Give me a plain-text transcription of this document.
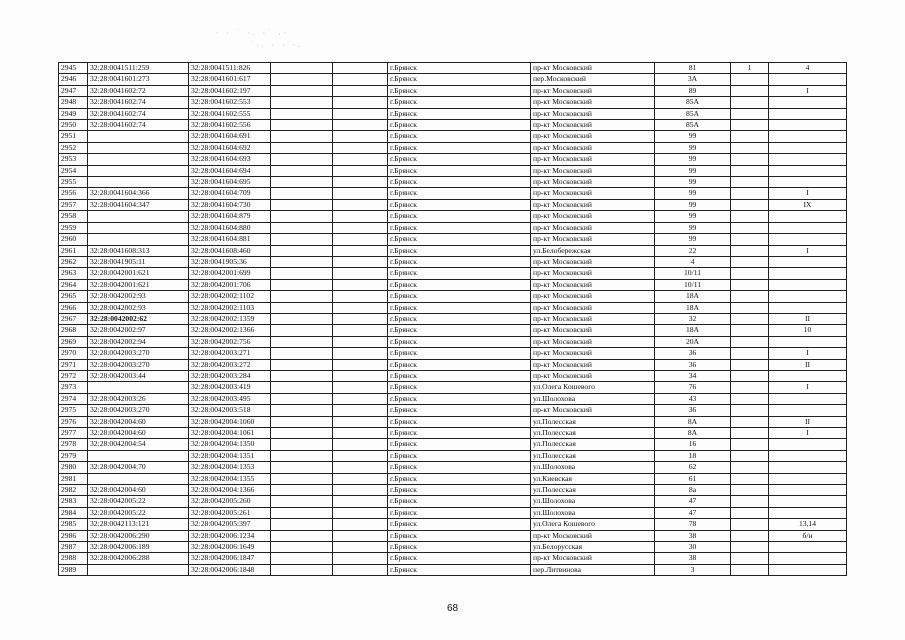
· · ˙ ·. ·˙ .·
˙·. · ·˙·.
2945	32:28:0041511:259	32:28:0041511:826			г.Брянск	пр-кт Московский	81	1	4
2946	32:28:0041601:273	32:28:0041601:617			г.Брянск	пер.Московский	3А		
2947	32:28:0041602:72	32:28:0041602:197			г.Брянск	пр-кт Московский	89		I
2948	32:28:0041602:74	32:28:0041602:553			г.Брянск	пр-кт Московский	85А		
2949	32:28:0041602:74	32:28:0041602:555			г.Брянск	пр-кт Московский	85А		
2950	32:28:0041602:74	32:28:0041602:556			г.Брянск	пр-кт Московский	85А		
2951		32:28:0041604:691			г.Брянск	пр-кт Московский	99		
2952		32:28:0041604:692			г.Брянск	пр-кт Московский	99		
2953		32:28:0041604:693			г.Брянск	пр-кт Московский	99		
2954		32:28:0041604:694			г.Брянск	пр-кт Московский	99		
2955		32:28:0041604:695			г.Брянск	пр-кт Московский	99		
2956	32:28:0041604:366	32:28:0041604:709			г.Брянск	пр-кт Московский	99		I
2957	32:28:0041604:347	32:28:0041604:730			г.Брянск	пр-кт Московский	99		IX
2958		32:28:0041604:879			г.Брянск	пр-кт Московский	99		
2959		32:28:0041604:880			г.Брянск	пр-кт Московский	99		
2960		32:28:0041604:881			г.Брянск	пр-кт Московский	99		
2961	32:28:0041608:313	32:28:0041608:460			г.Брянск	ул.Белобережская	22		I
2962	32:28:0041905:11	32:28:0041905:36			г.Брянск	пр-кт Московский	4		
2963	32:28:0042001:621	32:28:0042001:699			г.Брянск	пр-кт Московский	10/11		
2964	32:28:0042001:621	32:28:0042001:706			г.Брянск	пр-кт Московский	10/11		
2965	32:28:0042002:93	32:28:0042002:1102			г.Брянск	пр-кт Московский	18А		
2966	32:28:0042002:93	32:28:0042002:1103			г.Брянск	пр-кт Московский	18А		
2967	32:28:0042002:62	32:28:0042002:1359			г.Брянск	пр-кт Московский	32		II
2968	32:28:0042002:97	32:28:0042002:1366			г.Брянск	пр-кт Московский	18А		10
2969	32:28:0042002:94	32:28:0042002:756			г.Брянск	пр-кт Московский	20А		
2970	32:28:0042003:270	32:28:0042003:271			г.Брянск	пр-кт Московский	36		I
2971	32:28:0042003:270	32:28:0042003:272			г.Брянск	пр-кт Московский	36		II
2972	32:28:0042003:44	32:28:0042003:284			г.Брянск	пр-кт Московский	34		
2973		32:28:0042003:419			г.Брянск	ул.Олега Кошевого	76		I
2974	32:28:0042003:26	32:28:0042003:495			г.Брянск	ул.Шолохова	43		
2975	32:28:0042003:270	32:28:0042003:518			г.Брянск	пр-кт Московский	36		
2976	32:28:0042004:60	32:28:0042004:1060			г.Брянск	ул.Полесская	8А		II
2977	32:28:0042004:60	32:28:0042004:1061			г.Брянск	ул.Полесская	8А		I
2978	32:28:0042004:54	32:28:0042004:1350			г.Брянск	ул.Полесская	16		
2979		32:28:0042004:1351			г.Брянск	ул.Полесская	18		
2980	32:28:0042004:70	32:28:0042004:1353			г.Брянск	ул.Шолохова	62		
2981		32:28:0042004:1355			г.Брянск	ул.Киевская	61		
2982	32:28:0042004:60	32:28:0042004:1366			г.Брянск	ул.Полесская	8а		
2983	32:28:0042005:22	32:28:0042005:260			г.Брянск	ул.Шолохова	47		
2984	32:28:0042005:22	32:28:0042005:261			г.Брянск	ул.Шолохова	47		
2985	32:28:0042113:121	32:28:0042005:397			г.Брянск	ул.Олега Кошевого	78		13,14
2986	32:28:0042006:290	32:28:0042006:1234			г.Брянск	пр-кт Московский	38		б/н
2987	32:28:0042006:189	32:28:0042006:1649			г.Брянск	ул.Белорусская	30		
2988	32:28:0042006:288	32:28:0042006:1847			г.Брянск	пр-кт Московский	38		
2989		32:28:0042006:1848			г.Брянск	пер.Литвинова	3		
68
